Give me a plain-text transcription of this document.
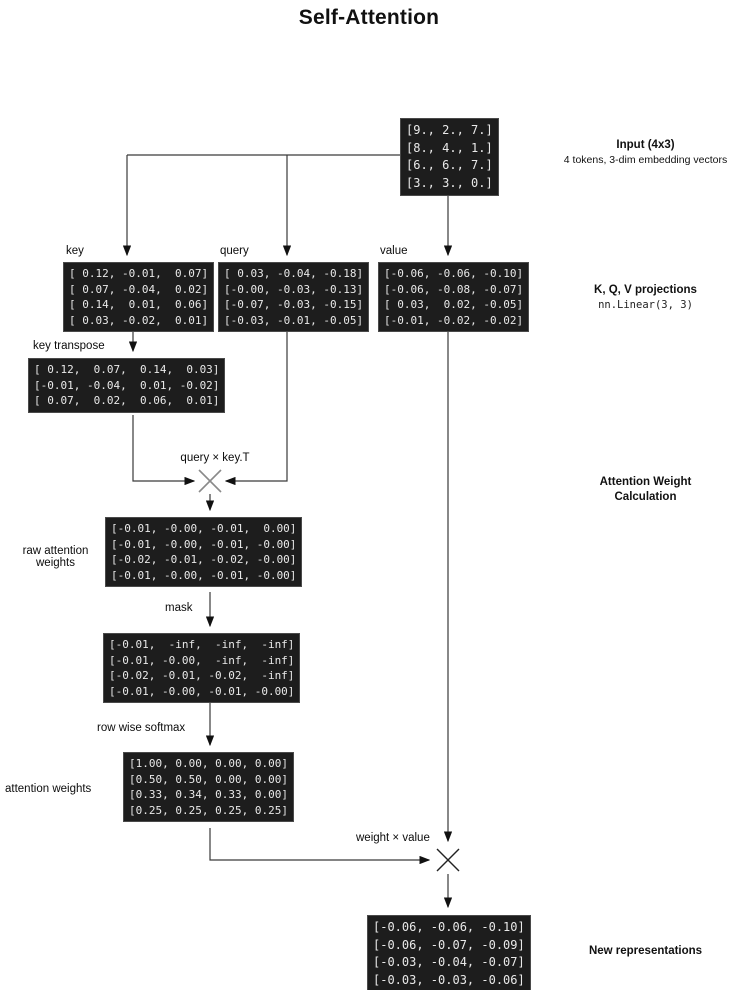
Self-Attention
[9., 2., 7.]
[8., 4., 1.]
[6., 6., 7.]
[3., 3., 0.]
Input (4x3)
4 tokens, 3-dim embedding vectors
key
[ 0.12, -0.01,  0.07]
[ 0.07, -0.04,  0.02]
[ 0.14,  0.01,  0.06]
[ 0.03, -0.02,  0.01]
query
[ 0.03, -0.04, -0.18]
[-0.00, -0.03, -0.13]
[-0.07, -0.03, -0.15]
[-0.03, -0.01, -0.05]
value
[-0.06, -0.06, -0.10]
[-0.06, -0.08, -0.07]
[ 0.03,  0.02, -0.05]
[-0.01, -0.02, -0.02]
K, Q, V projections
nn.Linear(3, 3)
key transpose
[ 0.12,  0.07,  0.14,  0.03]
[-0.01, -0.04,  0.01, -0.02]
[ 0.07,  0.02,  0.06,  0.01]
query × key.T
Attention Weight
Calculation
raw attention
weights
[-0.01, -0.00, -0.01,  0.00]
[-0.01, -0.00, -0.01, -0.00]
[-0.02, -0.01, -0.02, -0.00]
[-0.01, -0.00, -0.01, -0.00]
mask
[-0.01,  -inf,  -inf,  -inf]
[-0.01, -0.00,  -inf,  -inf]
[-0.02, -0.01, -0.02,  -inf]
[-0.01, -0.00, -0.01, -0.00]
row wise softmax
attention weights
[1.00, 0.00, 0.00, 0.00]
[0.50, 0.50, 0.00, 0.00]
[0.33, 0.34, 0.33, 0.00]
[0.25, 0.25, 0.25, 0.25]
weight × value
[-0.06, -0.06, -0.10]
[-0.06, -0.07, -0.09]
[-0.03, -0.04, -0.07]
[-0.03, -0.03, -0.06]
New representations
